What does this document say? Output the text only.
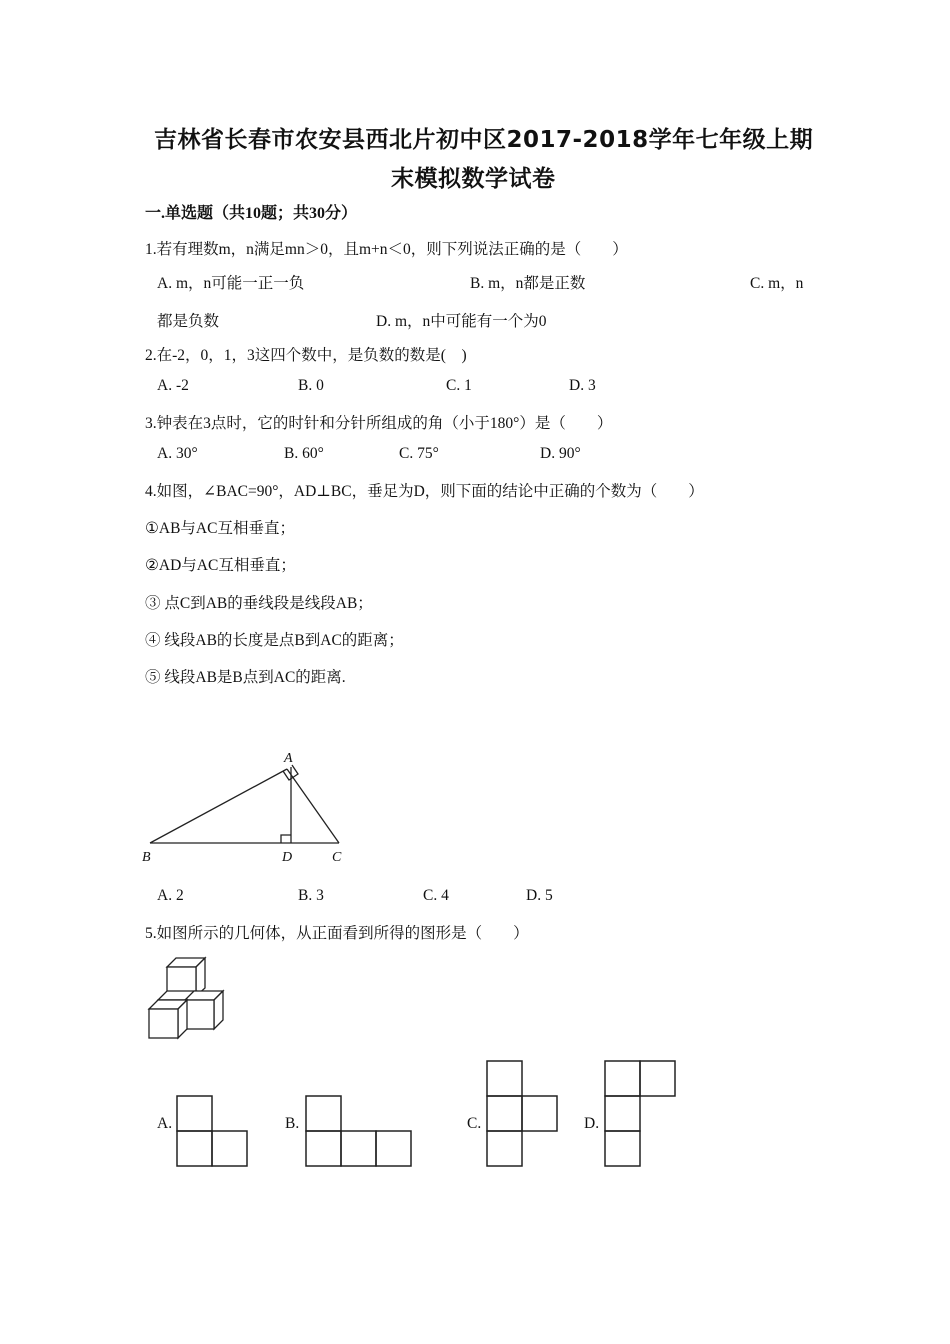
吉林省长春市农安县西北片初中区2017-2018学年七年级上期
末模拟数学试卷
一.单选题（共10题；共30分）
1.若有理数m，n满足mn＞0，且m+n＜0，则下列说法正确的是（　　）
A. m，n可能一正一负	B. m，n都是正数	C. m，n
都是负数	D. m，n中可能有一个为0
2.在-2，0，1，3这四个数中，是负数的数是(　)
A. -2	B. 0	C. 1	D. 3
3.钟表在3点时，它的时针和分针所组成的角（小于180°）是（　　）
A. 30°	B. 60°	C. 75°	D. 90°
4.如图，∠BAC=90°，AD⊥BC，垂足为D，则下面的结论中正确的个数为（　　）
①AB与AC互相垂直；
②AD与AC互相垂直；
③ 点C到AB的垂线段是线段AB；
④ 线段AB的长度是点B到AC的距离；
⑤ 线段AB是B点到AC的距离.
A
B	D	C
A. 2	B. 3	C. 4	D. 5
5.如图所示的几何体，从正面看到所得的图形是（　　）
A.	B.	C.	D.
